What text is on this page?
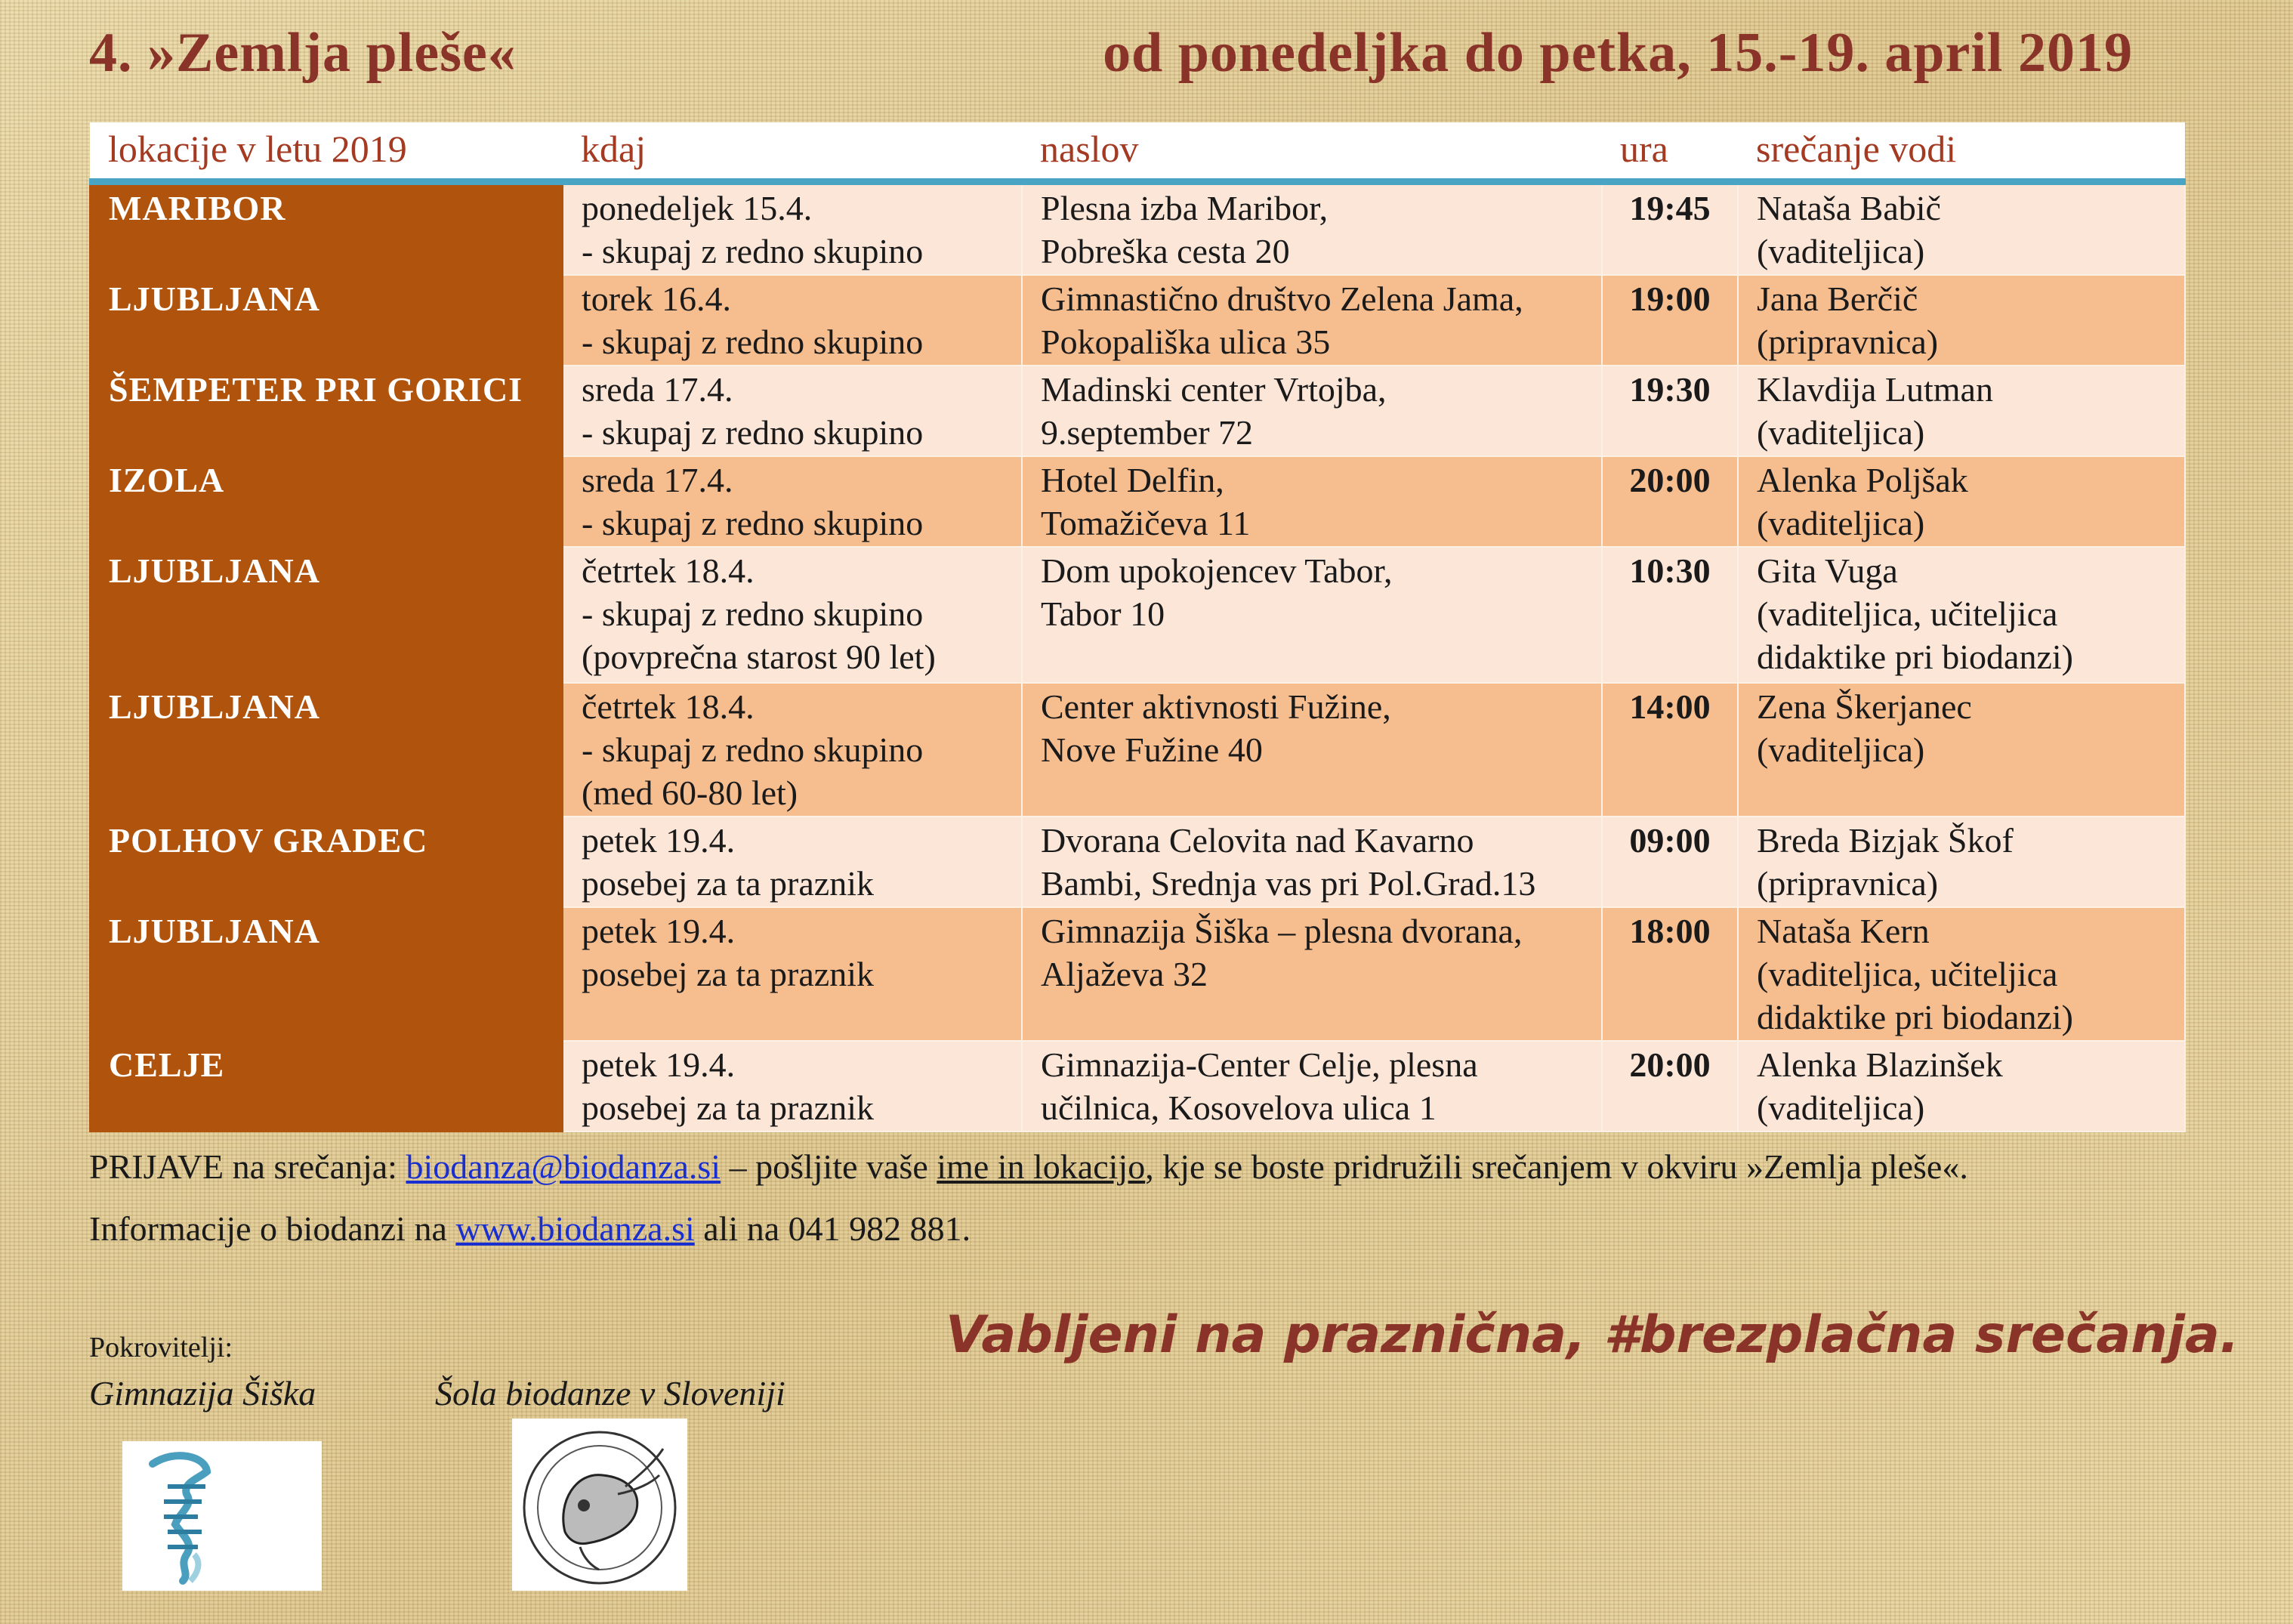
4. »Zemlja pleše«	od ponedeljka do petka, 15.-19. april 2019
lokacije v letu 2019	kdaj	naslov	ura	srečanje vodi
MARIBOR	ponedeljek 15.4.
- skupaj z redno skupino	Plesna izba Maribor,
Pobreška cesta 20	19:45	Nataša Babič
(vaditeljica)

LJUBLJANA	torek 16.4.
- skupaj z redno skupino	Gimnastično društvo Zelena Jama,
Pokopališka ulica 35	19:00	Jana Berčič
(pripravnica)

ŠEMPETER PRI GORICI	sreda 17.4.
- skupaj z redno skupino	Madinski center Vrtojba,
9.september 72	19:30	Klavdija Lutman
(vaditeljica)

IZOLA	sreda 17.4.
- skupaj z redno skupino	Hotel Delfin,
Tomažičeva 11	20:00	Alenka Poljšak
(vaditeljica)

LJUBLJANA	četrtek 18.4.
- skupaj z redno skupino
(povprečna starost 90 let)	Dom upokojencev Tabor,
Tabor 10	10:30	Gita Vuga
(vaditeljica, učiteljica
didaktike pri biodanzi)

LJUBLJANA	četrtek 18.4.
- skupaj z redno skupino
(med 60-80 let)	Center aktivnosti Fužine,
Nove Fužine 40	14:00	Zena Škerjanec
(vaditeljica)

POLHOV GRADEC	petek 19.4.
posebej za ta praznik	Dvorana Celovita nad Kavarno
Bambi, Srednja vas pri Pol.Grad.13	09:00	Breda Bizjak Škof
(pripravnica)

LJUBLJANA	petek 19.4.
posebej za ta praznik	Gimnazija Šiška – plesna dvorana,
Aljaževa 32	18:00	Nataša Kern
(vaditeljica, učiteljica
didaktike pri biodanzi)

CELJE	petek 19.4.
posebej za ta praznik	Gimnazija-Center Celje, plesna
učilnica, Kosovelova ulica 1	20:00	Alenka Blazinšek
(vaditeljica)
PRIJAVE na srečanja: biodanza@biodanza.si – pošljite vaše ime in lokacijo, kje se boste pridružili srečanjem v okviru »Zemlja pleše«.
Informacije o biodanzi na www.biodanza.si ali na 041 982 881.
Pokrovitelji:
Gimnazija Šiška	Šola biodanze v Sloveniji
Vabljeni na praznična, #brezplačna srečanja.
